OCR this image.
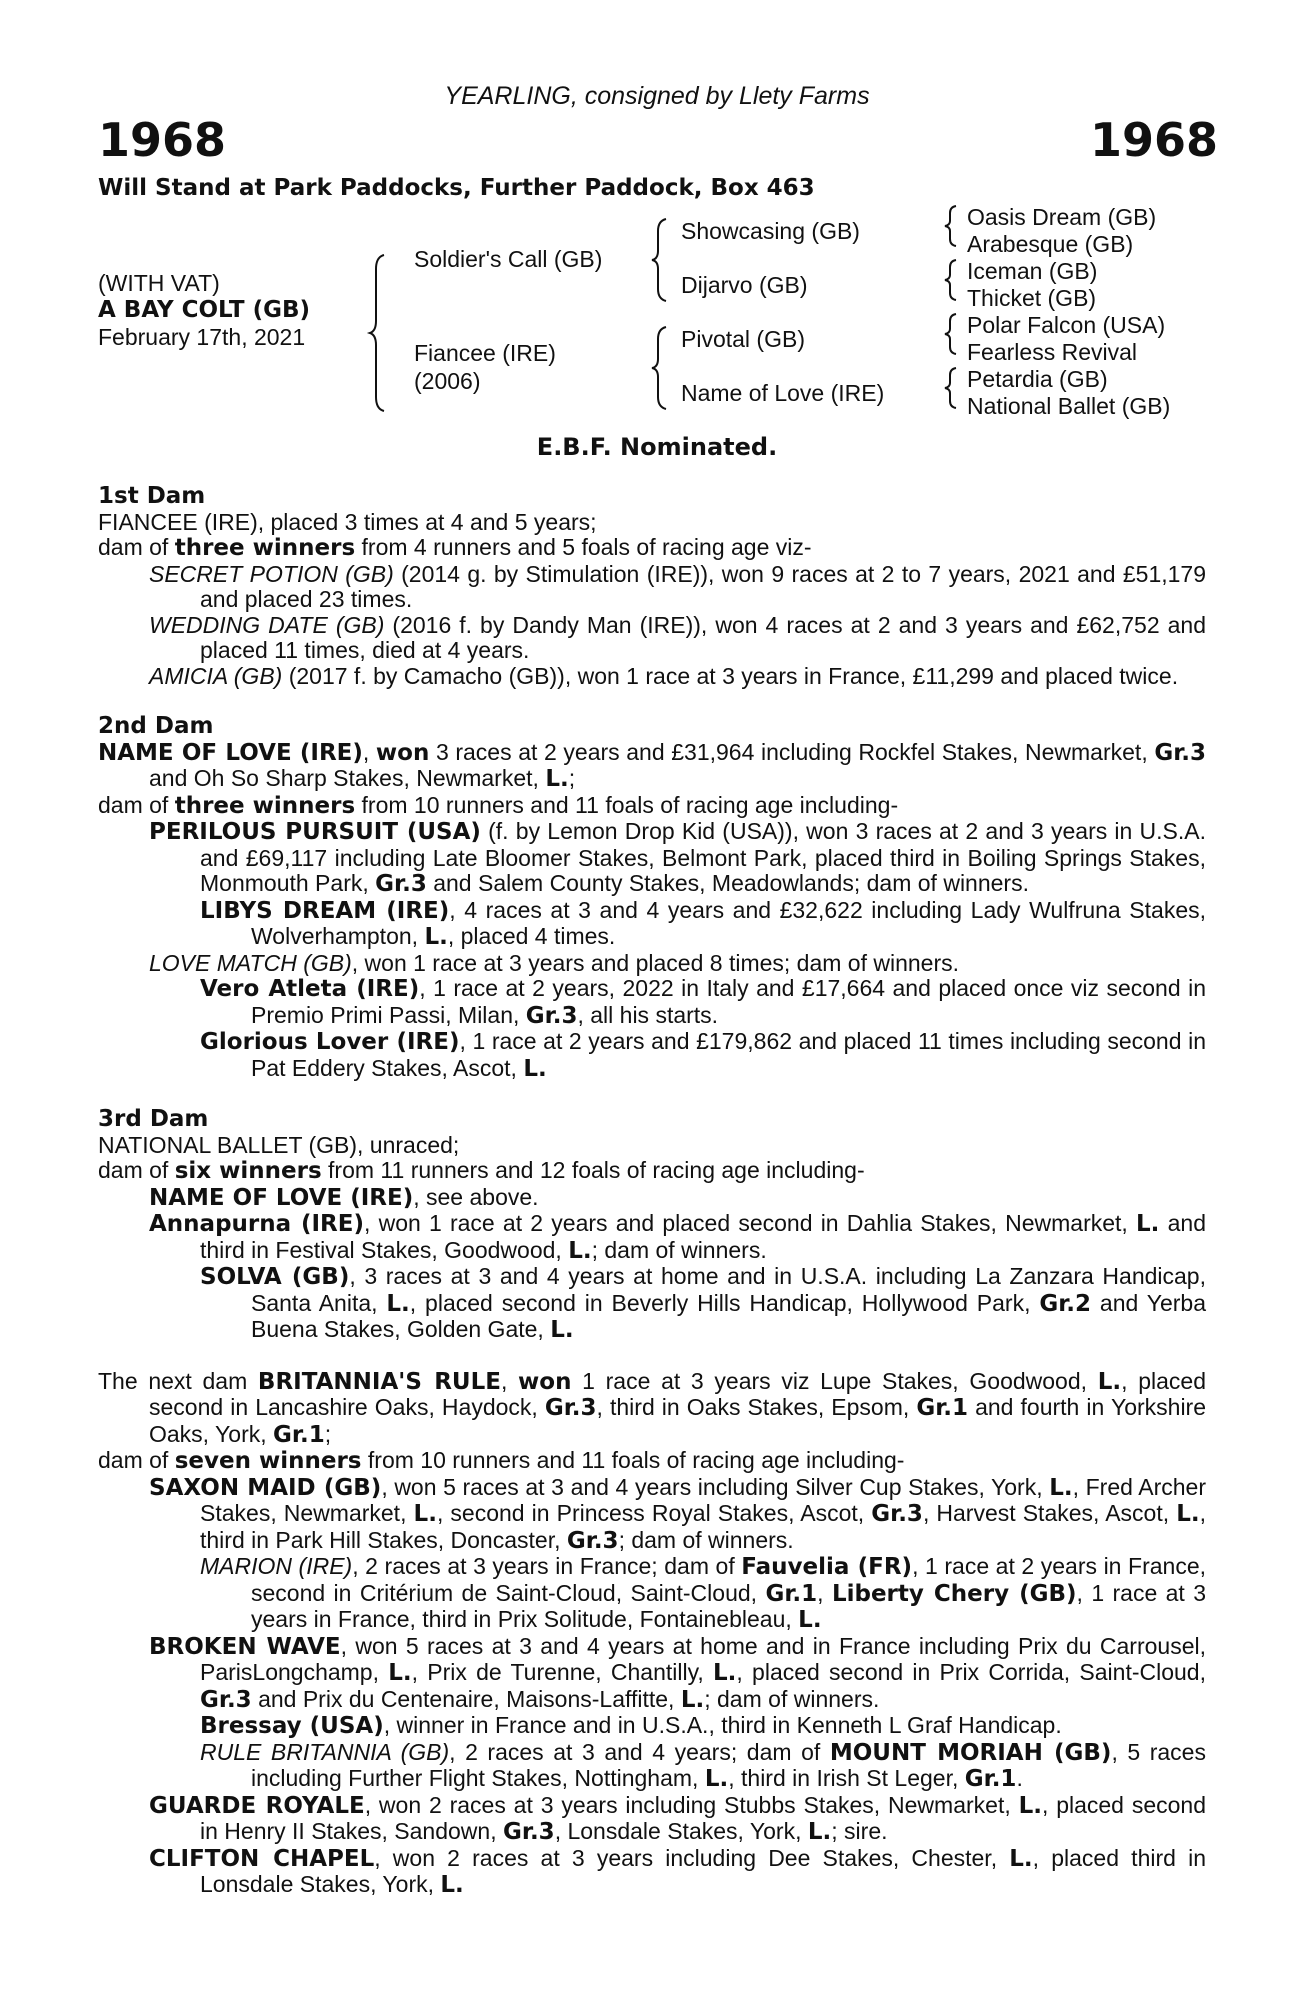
YEARLING, consigned by Llety Farms
1968	1968
Will Stand at Park Paddocks, Further Paddock, Box 463
(WITH VAT)
A BAY COLT (GB)
February 17th, 2021
Soldier's Call (GB)
Fiancee (IRE)
(2006)
Showcasing (GB)
Dijarvo (GB)
Pivotal (GB)
Name of Love (IRE)
Oasis Dream (GB)
Arabesque (GB)
Iceman (GB)
Thicket (GB)
Polar Falcon (USA)
Fearless Revival
Petardia (GB)
National Ballet (GB)
E.B.F. Nominated.
1st Dam

FIANCEE (IRE), placed 3 times at 4 and 5 years;

dam of three winners from 4 runners and 5 foals of racing age viz-

SECRET POTION (GB) (2014 g. by Stimulation (IRE)), won 9 races at 2 to 7 years, 2021 and £51,179 and placed 23 times.

WEDDING DATE (GB) (2016 f. by Dandy Man (IRE)), won 4 races at 2 and 3 years and £62,752 and placed 11 times, died at 4 years.

AMICIA (GB) (2017 f. by Camacho (GB)), won 1 race at 3 years in France, £11,299 and placed twice.

2nd Dam

NAME OF LOVE (IRE), won 3 races at 2 years and £31,964 including Rockfel Stakes, Newmarket, Gr.3 and Oh So Sharp Stakes, Newmarket, L.;

dam of three winners from 10 runners and 11 foals of racing age including-

PERILOUS PURSUIT (USA) (f. by Lemon Drop Kid (USA)), won 3 races at 2 and 3 years in U.S.A. and £69,117 including Late Bloomer Stakes, Belmont Park, placed third in Boiling Springs Stakes, Monmouth Park, Gr.3 and Salem County Stakes, Meadowlands; dam of winners.

LIBYS DREAM (IRE), 4 races at 3 and 4 years and £32,622 including Lady Wulfruna Stakes, Wolverhampton, L., placed 4 times.

LOVE MATCH (GB), won 1 race at 3 years and placed 8 times; dam of winners.

Vero Atleta (IRE), 1 race at 2 years, 2022 in Italy and £17,664 and placed once viz second in Premio Primi Passi, Milan, Gr.3, all his starts.

Glorious Lover (IRE), 1 race at 2 years and £179,862 and placed 11 times including second in Pat Eddery Stakes, Ascot, L.

3rd Dam

NATIONAL BALLET (GB), unraced;

dam of six winners from 11 runners and 12 foals of racing age including-

NAME OF LOVE (IRE), see above.

Annapurna (IRE), won 1 race at 2 years and placed second in Dahlia Stakes, Newmarket, L. and third in Festival Stakes, Goodwood, L.; dam of winners.

SOLVA (GB), 3 races at 3 and 4 years at home and in U.S.A. including La Zanzara Handicap, Santa Anita, L., placed second in Beverly Hills Handicap, Hollywood Park, Gr.2 and Yerba Buena Stakes, Golden Gate, L.

The next dam BRITANNIA'S RULE, won 1 race at 3 years viz Lupe Stakes, Goodwood, L., placed second in Lancashire Oaks, Haydock, Gr.3, third in Oaks Stakes, Epsom, Gr.1 and fourth in Yorkshire Oaks, York, Gr.1;

dam of seven winners from 10 runners and 11 foals of racing age including-

SAXON MAID (GB), won 5 races at 3 and 4 years including Silver Cup Stakes, York, L., Fred Archer Stakes, Newmarket, L., second in Princess Royal Stakes, Ascot, Gr.3, Harvest Stakes, Ascot, L., third in Park Hill Stakes, Doncaster, Gr.3; dam of winners.

MARION (IRE), 2 races at 3 years in France; dam of Fauvelia (FR), 1 race at 2 years in France, second in Critérium de Saint-Cloud, Saint-Cloud, Gr.1, Liberty Chery (GB), 1 race at 3 years in France, third in Prix Solitude, Fontainebleau, L.

BROKEN WAVE, won 5 races at 3 and 4 years at home and in France including Prix du Carrousel, ParisLongchamp, L., Prix de Turenne, Chantilly, L., placed second in Prix Corrida, Saint-Cloud, Gr.3 and Prix du Centenaire, Maisons-Laffitte, L.; dam of winners.

Bressay (USA), winner in France and in U.S.A., third in Kenneth L Graf Handicap.

RULE BRITANNIA (GB), 2 races at 3 and 4 years; dam of MOUNT MORIAH (GB), 5 races including Further Flight Stakes, Nottingham, L., third in Irish St Leger, Gr.1.

GUARDE ROYALE, won 2 races at 3 years including Stubbs Stakes, Newmarket, L., placed second in Henry II Stakes, Sandown, Gr.3, Lonsdale Stakes, York, L.; sire.

CLIFTON CHAPEL, won 2 races at 3 years including Dee Stakes, Chester, L., placed third in Lonsdale Stakes, York, L.
